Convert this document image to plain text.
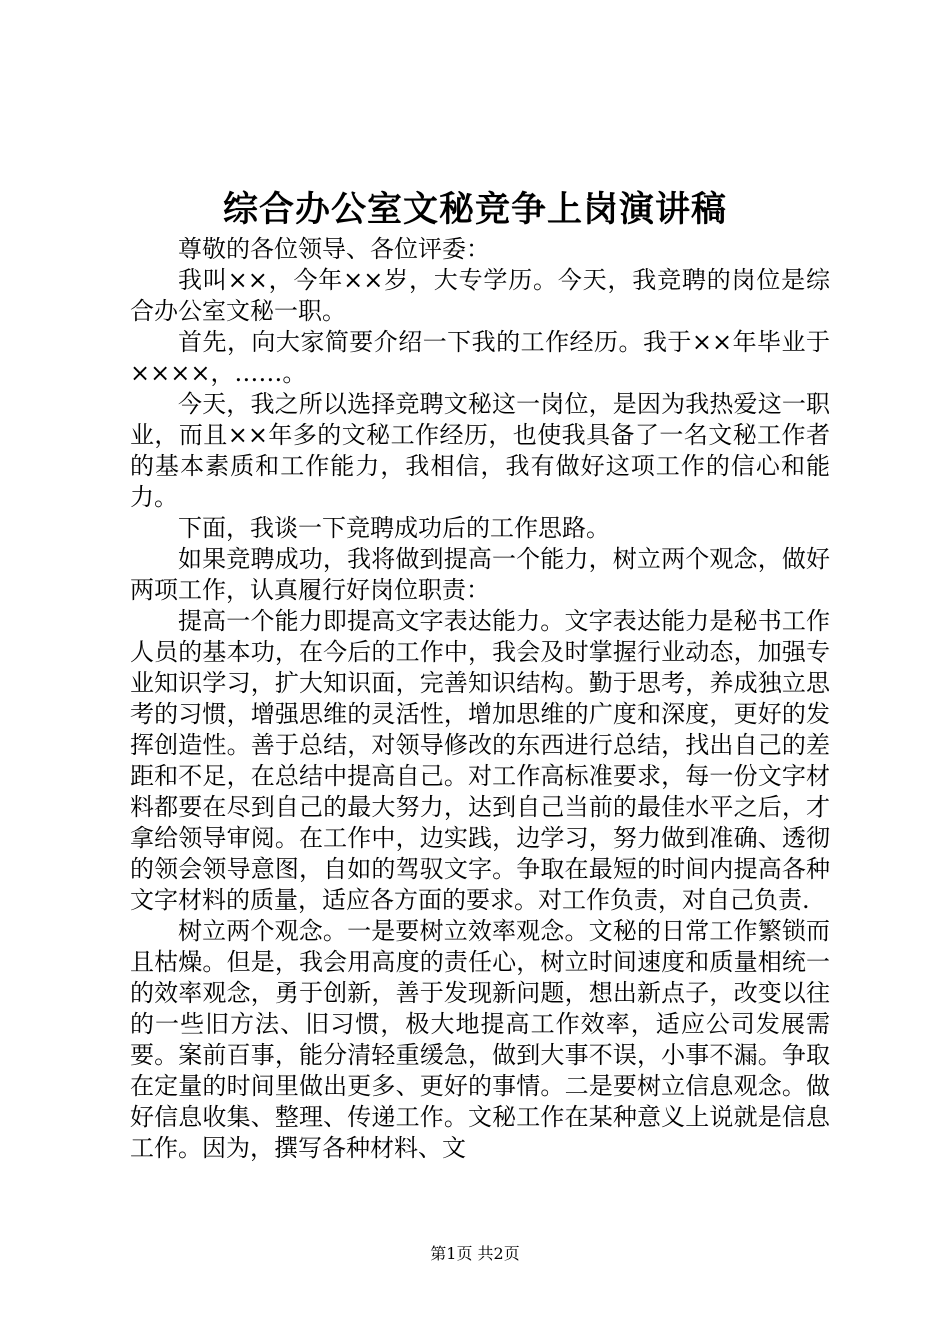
综合办公室文秘竞争上岗演讲稿

尊敬的各位领导、各位评委：

我叫××，今年××岁，大专学历。今天，我竞聘的岗位是综合办公室文秘一职。

首先，向大家简要介绍一下我的工作经历。我于××年毕业于××××，……。

今天，我之所以选择竞聘文秘这一岗位，是因为我热爱这一职业，而且××年多的文秘工作经历，也使我具备了一名文秘工作者的基本素质和工作能力，我相信，我有做好这项工作的信心和能力。

下面，我谈一下竞聘成功后的工作思路。

如果竞聘成功，我将做到提高一个能力，树立两个观念，做好两项工作，认真履行好岗位职责：

提高一个能力即提高文字表达能力。文字表达能力是秘书工作人员的基本功，在今后的工作中，我会及时掌握行业动态，加强专业知识学习，扩大知识面，完善知识结构。勤于思考，养成独立思考的习惯，增强思维的灵活性，增加思维的广度和深度，更好的发挥创造性。善于总结，对领导修改的东西进行总结，找出自己的差距和不足，在总结中提高自己。对工作高标准要求，每一份文字材料都要在尽到自己的最大努力，达到自己当前的最佳水平之后，才拿给领导审阅。在工作中，边实践，边学习，努力做到准确、透彻的领会领导意图，自如的驾驭文字。争取在最短的时间内提高各种文字材料的质量，适应各方面的要求。对工作负责，对自己负责.

树立两个观念。一是要树立效率观念。文秘的日常工作繁锁而且枯燥。但是，我会用高度的责任心，树立时间速度和质量相统一的效率观念，勇于创新，善于发现新问题，想出新点子，改变以往的一些旧方法、旧习惯，极大地提高工作效率，适应公司发展需要。案前百事，能分清轻重缓急，做到大事不误，小事不漏。争取在定量的时间里做出更多、更好的事情。二是要树立信息观念。做好信息收集、整理、传递工作。文秘工作在某种意义上说就是信息工作。因为，撰写各种材料、文

第1页 共2页
